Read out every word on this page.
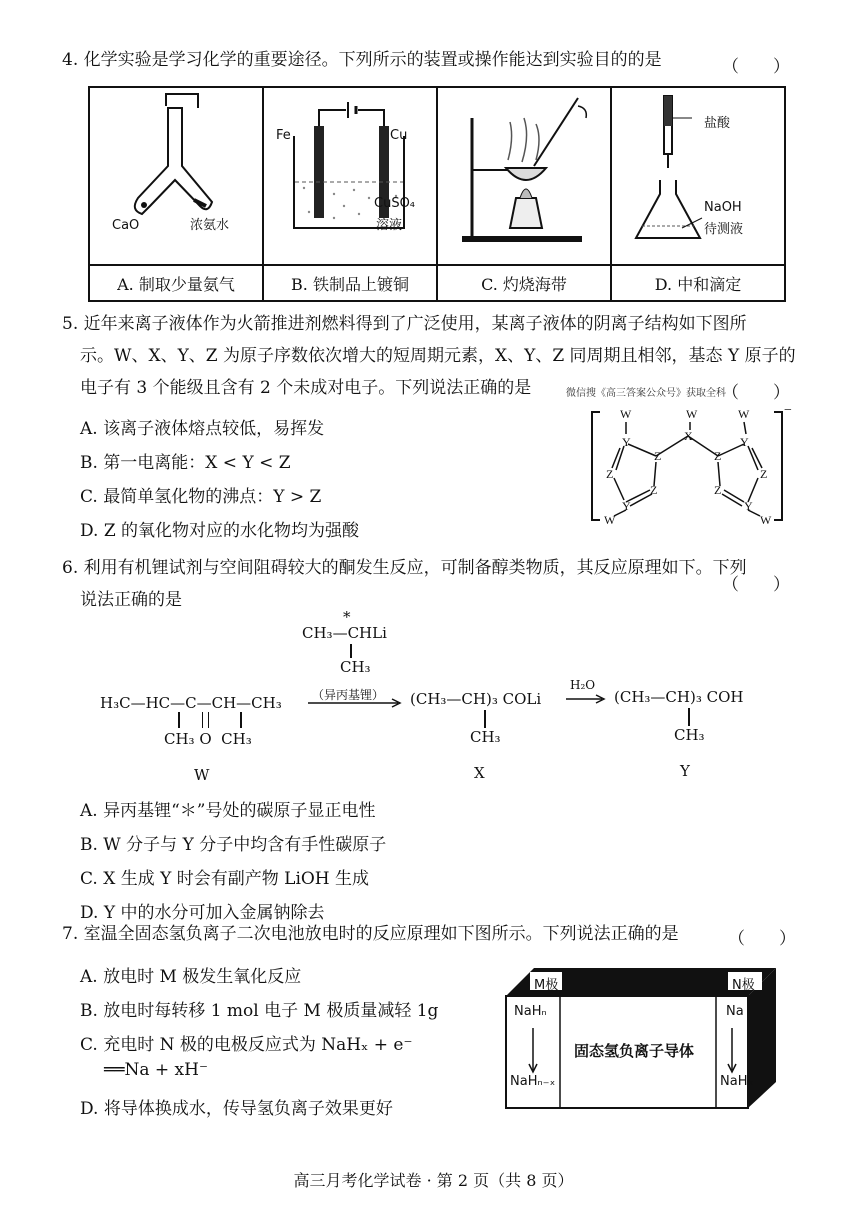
4. 化学实验是学习化学的重要途径。下列所示的装置或操作能达到实验目的的是	（　　）
CaO 浓氨水	Fe Cu
CuSO₄
溶液		盐酸
NaOH
待测液

A. 制取少量氨气	B. 铁制品上镀铜	C. 灼烧海带	D. 中和滴定
5. 近年来离子液体作为火箭推进剂燃料得到了广泛使用，某离子液体的阴离子结构如下图所
示。W、X、Y、Z 为原子序数依次增大的短周期元素，X、Y、Z 同周期且相邻，基态 Y 原子的
电子有 3 个能级且含有 2 个未成对电子。下列说法正确的是	微信搜《高三答案公众号》获取全科
（　　）
A. 该离子液体熔点较低，易挥发
B. 第一电离能：X < Y < Z
C. 最简单氢化物的沸点：Y > Z
D. Z 的氧化物对应的水化物均为强酸
W
Y
Z
X
W
Z
Y
W
Z	Z
Z	Z
Y	Y
W	W
−
6. 利用有机锂试剂与空间阻碍较大的酮发生反应，可制备醇类物质，其反应原理如下。下列
说法正确的是
（　　）
*
CH₃—CHLi
CH₃
（异丙基锂）
H₃C—HC—C—CH—CH₃
CH₃ O  CH₃
W
(CH₃—CH)₃ COLi
CH₃
X
H₂O
→ (CH₃—CH)₃ COH
CH₃
Y
A. 异丙基锂“＊”号处的碳原子显正电性
B. W 分子与 Y 分子中均含有手性碳原子
C. X 生成 Y 时会有副产物 LiOH 生成
D. Y 中的水分可加入金属钠除去
7. 室温全固态氢负离子二次电池放电时的反应原理如下图所示。下列说法正确的是	（　　）
A. 放电时 M 极发生氧化反应
B. 放电时每转移 1 mol 电子 M 极质量减轻 1g
C. 充电时 N 极的电极反应式为 NaHₓ + e⁻
══Na + xH⁻
D. 将导体换成水，传导氢负离子效果更好
M极	N极
NaHₙ
NaHₙ₋ₓ
固态氢负离子导体
Na
NaHₓ
高三月考化学试卷 · 第 2 页（共 8 页）
